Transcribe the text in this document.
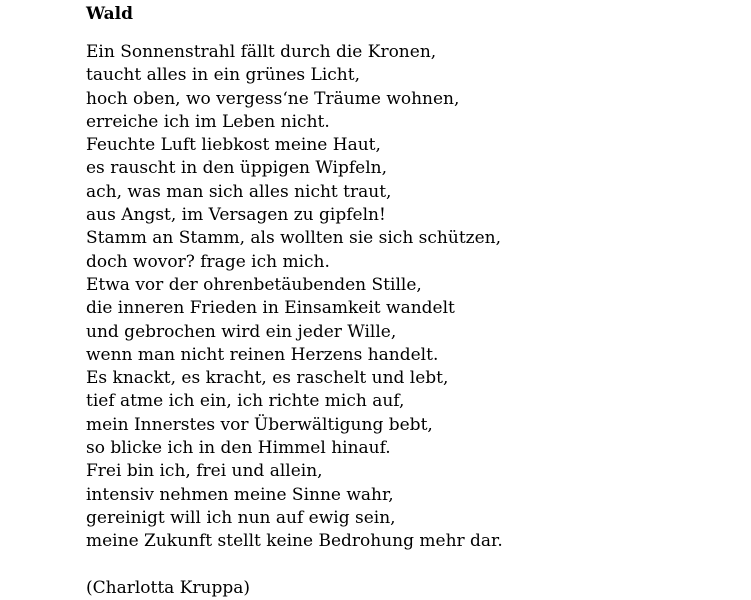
Wald
Ein Sonnenstrahl fällt durch die Kronen,
taucht alles in ein grünes Licht,
hoch oben, wo vergess‘ne Träume wohnen,
erreiche ich im Leben nicht.
Feuchte Luft liebkost meine Haut,
es rauscht in den üppigen Wipfeln,
ach, was man sich alles nicht traut,
aus Angst, im Versagen zu gipfeln!
Stamm an Stamm, als wollten sie sich schützen,
doch wovor? frage ich mich.
Etwa vor der ohrenbetäubenden Stille,
die inneren Frieden in Einsamkeit wandelt
und gebrochen wird ein jeder Wille,
wenn man nicht reinen Herzens handelt.
Es knackt, es kracht, es raschelt und lebt,
tief atme ich ein, ich richte mich auf,
mein Innerstes vor Überwältigung bebt,
so blicke ich in den Himmel hinauf.
Frei bin ich, frei und allein,
intensiv nehmen meine Sinne wahr,
gereinigt will ich nun auf ewig sein,
meine Zukunft stellt keine Bedrohung mehr dar.
(Charlotta Kruppa)
